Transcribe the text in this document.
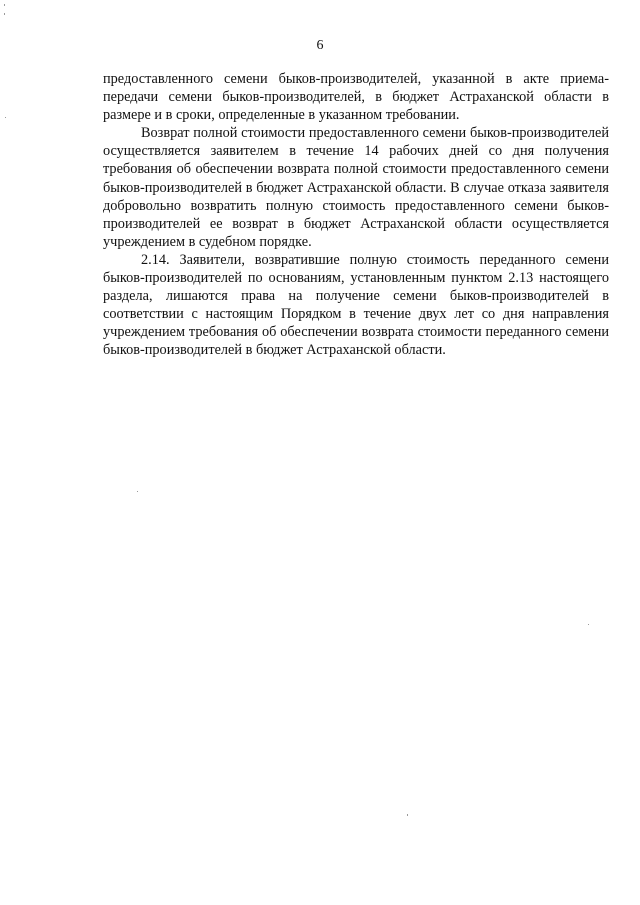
6

предоставленного семени быков-производителей, указанной в акте приема-передачи семени быков-производителей, в бюджет Астраханской области в размере и в сроки, определенные в указанном требовании.

Возврат полной стоимости предоставленного семени быков-производителей осуществляется заявителем в течение 14 рабочих дней со дня получения требования об обеспечении возврата полной стоимости предоставленного семени быков-производителей в бюджет Астраханской области. В случае отказа заявителя добровольно возвратить полную стоимость предоставленного семени быков-производителей ее возврат в бюджет Астраханской области осуществляется учреждением в судебном порядке.

2.14. Заявители, возвратившие полную стоимость переданного семени быков-производителей по основаниям, установленным пунктом 2.13 настоящего раздела, лишаются права на получение семени быков-производителей в соответствии с настоящим Порядком в течение двух лет со дня направления учреждением требования об обеспечении возврата стоимости переданного семени быков-производителей в бюджет Астраханской области.
